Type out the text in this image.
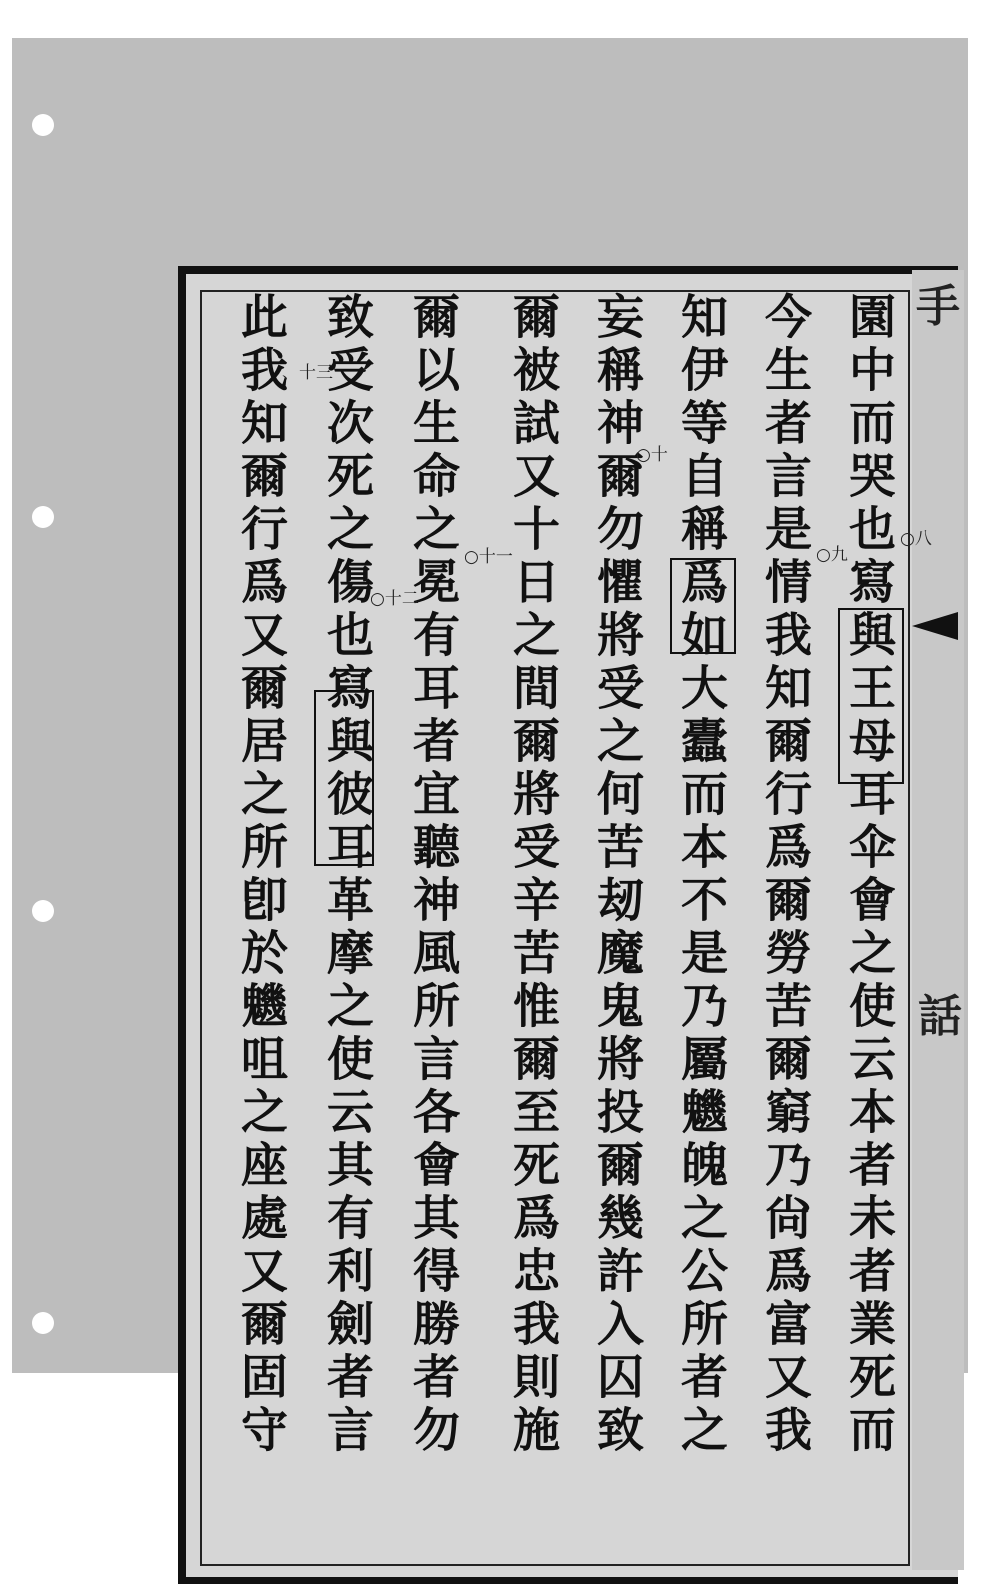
手
話
園中而哭也寫與王母耳伞會之使云本者未者業死而
今生者言是情我知爾行爲爾勞苦爾窮乃尙爲富又我
知伊等自稱爲如大蠹而本不是乃屬魕魄之公所者之
妄稱神爾勿懼將受之何苦刼魔鬼將投爾幾許入囚致
爾被試又十日之間爾將受辛苦惟爾至死爲忠我則施
爾以生命之冕有耳者宜聽神風所言各會其得勝者勿
致受次死之傷也寫與彼耳革摩之使云其有利劍者言
此我知爾行爲又爾居之所卽於魕咀之座處又爾固守	○八
○九
○十
○十一
○十二
、十三
